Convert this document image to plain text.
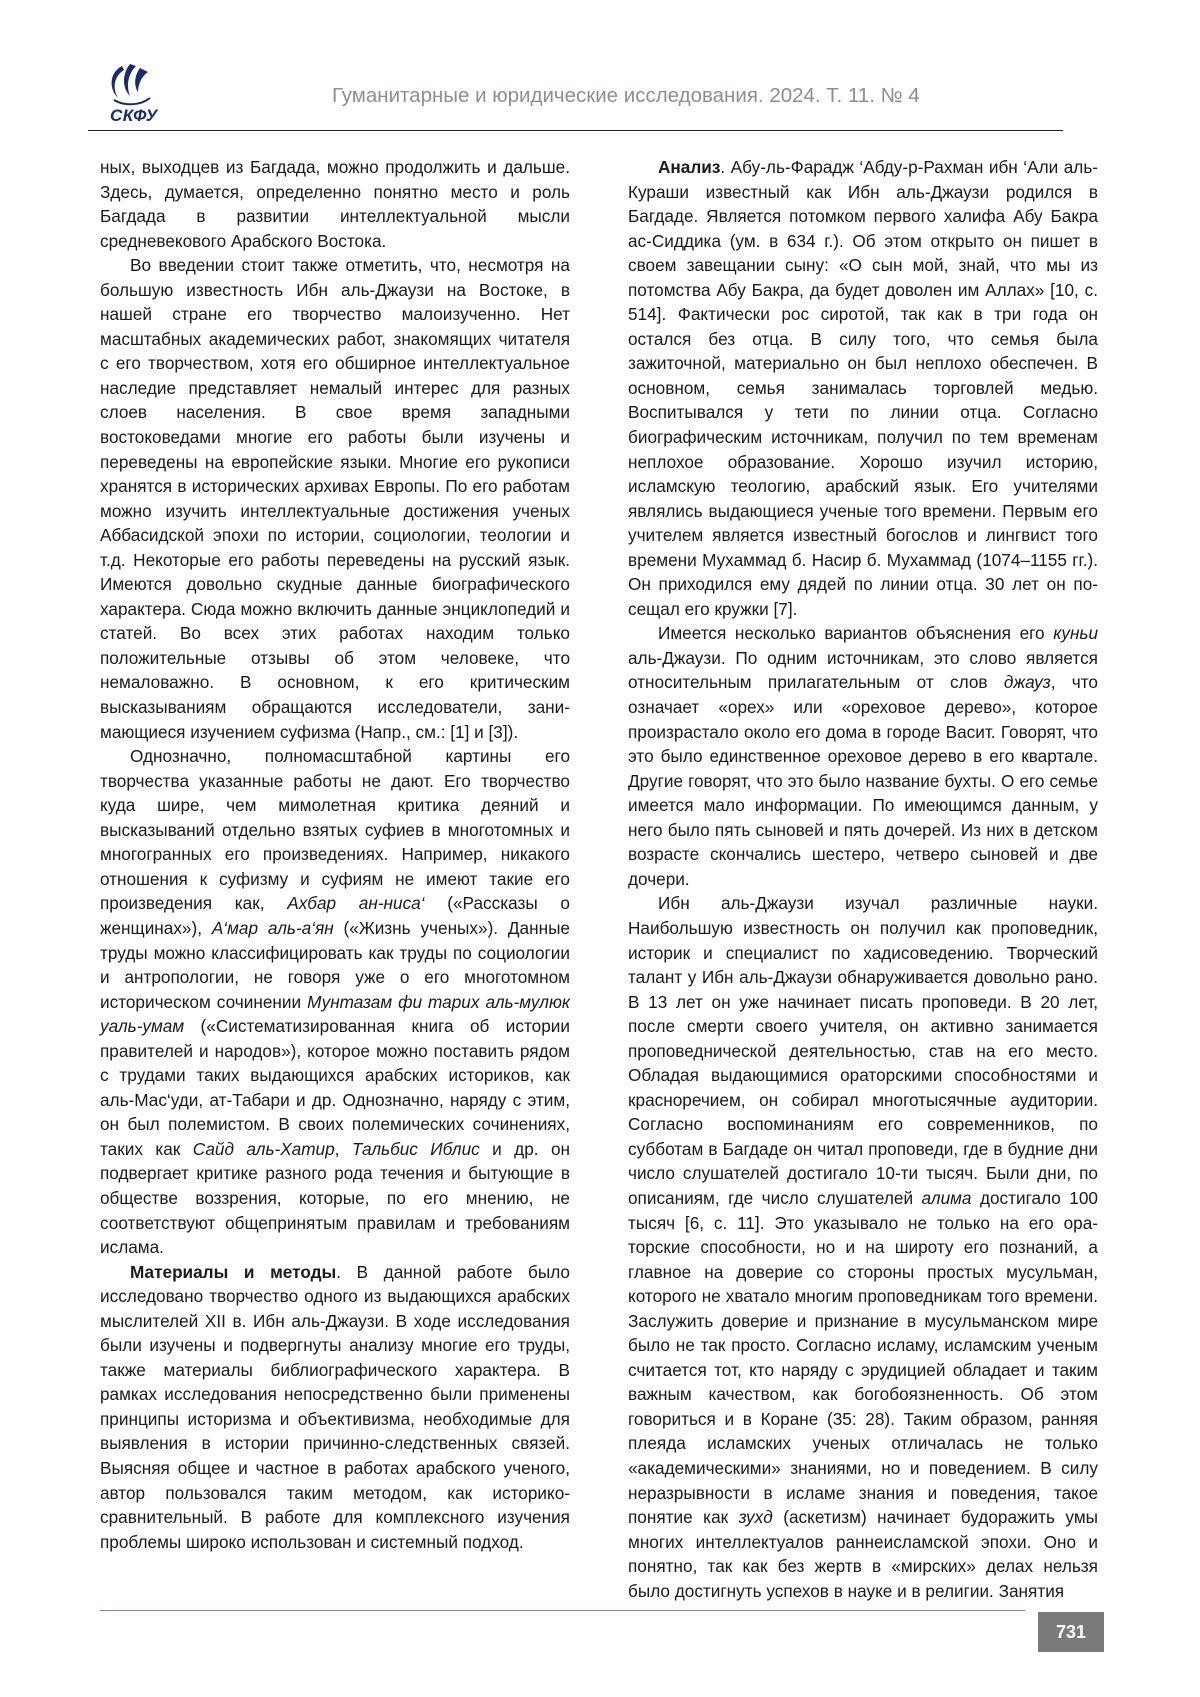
СКФУ
Гуманитарные и юридические исследования. 2024. Т. 11. № 4

ных, выходцев из Багдада, можно продолжить и дальше. Здесь, думается, определенно понятно ме­сто и роль Багдада в развитии интеллектуальной мысли средневекового Арабского Востока.

Во введении стоит также отметить, что, не­смотря на большую известность Ибн аль-Джаузи на Востоке, в нашей стране его творчество малоизу­ченно. Нет масштабных академических работ, зна­комящих читателя с его творчеством, хотя его об­ширное интеллектуальное наследие представляет немалый интерес для разных слоев населения. В свое время западными востоковедами многие его работы были изучены и переведены на европейские языки. Многие его рукописи хранятся в исторических архивах Европы. По его работам можно изучить ин­теллектуальные достижения ученых Аббасидской эпохи по истории, социологии, теологии и т.д. Неко­торые его работы переведены на русский язык. Имеются довольно скудные данные биографическо­го характера. Сюда можно включить данные энцик­лопедий и статей. Во всех этих работах находим только положительные отзывы об этом человеке, что немаловажно. В основном, к его критическим высказываниям обращаются исследователи, зани­мающиеся изучением суфизма (Напр., см.: [1] и [3]).

Однозначно, полномасштабной картины его творчества указанные работы не дают. Его творче­ство куда шире, чем мимолетная критика деяний и высказываний отдельно взятых суфиев в многотом­ных и многогранных его произведениях. Например, никакого отношения к суфизму и суфиям не имеют такие его произведения как, Ахбар ан-ниса‘ («Рас­сказы о женщинах»), А‘мар аль-а‘ян («Жизнь уче­ных»). Данные труды можно классифицировать как труды по социологии и антропологии, не говоря уже о его многотомном историческом сочинении Мунта­зам фи тарих аль-мулюк уаль-умам («Системати­зированная книга об истории правителей и наро­дов»), которое можно поставить рядом с трудами таких выдающихся арабских историков, как аль-Мас‘уди, ат-Табари и др. Однозначно, наряду с этим, он был полемистом. В своих полемических сочине­ниях, таких как Сайд аль-Хатир, Тальбис Иблис и др. он подвергает критике разного рода течения и бытующие в обществе воззрения, которые, по его мнению, не соответствуют общепринятым правилам и требованиям ислама.

Материалы и методы. В данной работе было исследовано творчество одного из выдающихся арабских мыслителей XII в. Ибн аль-Джаузи. В ходе исследования были изучены и подвергнуты анализу многие его труды, также материалы библиографи­ческого характера. В рамках исследования непо­средственно были применены принципы историзма и объективизма, необходимые для выявления в ис­тории причинно-следственных связей. Выясняя об­щее и частное в работах арабского ученого, автор пользовался таким методом, как историко-сравнительный. В работе для комплексного изуче­ния проблемы широко использован и системный подход.

Анализ. Абу-ль-Фарадж ‘Абду-р-Рахман ибн ‘Али аль-Кураши известный как Ибн аль-Джаузи ро­дился в Багдаде. Является потомком первого хали­фа Абу Бакра ас-Сиддика (ум. в 634 г.). Об этом от­крыто он пишет в своем завещании сыну: «О сын мой, знай, что мы из потомства Абу Бакра, да будет доволен им Аллах» [10, с. 514]. Фактически рос си­ротой, так как в три года он остался без отца. В силу того, что семья была зажиточной, материально он был неплохо обеспечен. В основном, семья занима­лась торговлей медью. Воспитывался у тети по ли­нии отца. Согласно биографическим источникам, получил по тем временам неплохое образование. Хорошо изучил историю, исламскую теологию, арабский язык. Его учителями являлись выдающие­ся ученые того времени. Первым его учителем яв­ляется известный богослов и лингвист того времени Мухаммад б. Насир б. Мухаммад (1074–1155 гг.). Он приходился ему дядей по линии отца. 30 лет он по­сещал его кружки [7].

Имеется несколько вариантов объяснения его куньи аль-Джаузи. По одним источникам, это слово является относительным прилагательным от слов джауз, что означает «орех» или «ореховое дерево», которое произрастало около его дома в городе Ва­сит. Говорят, что это было единственное ореховое дерево в его квартале. Другие говорят, что это было название бухты. О его семье имеется мало инфор­мации. По имеющимся данным, у него было пять сыновей и пять дочерей. Из них в детском возрасте скончались шестеро, четверо сыновей и две дочери.

Ибн аль-Джаузи изучал различные науки. Наибольшую известность он получил как проповед­ник, историк и специалист по хадисоведению. Твор­ческий талант у Ибн аль-Джаузи обнаруживается довольно рано. В 13 лет он уже начинает писать проповеди. В 20 лет, после смерти своего учителя, он активно занимается проповеднической деятель­ностью, став на его место. Обладая выдающимися ораторскими способностями и красноречием, он со­бирал многотысячные аудитории. Согласно воспо­минаниям его современников, по субботам в Багда­де он читал проповеди, где в будние дни число слу­шателей достигало 10-ти тысяч. Были дни, по опи­саниям, где число слушателей алима достигало 100 тысяч [6, с. 11]. Это указывало не только на его ора­торские способности, но и на широту его познаний, а главное на доверие со стороны простых мусульман, которого не хватало многим проповедникам того времени. Заслужить доверие и признание в мусуль­манском мире было не так просто. Согласно исламу, исламским ученым считается тот, кто наряду с эру­дицией обладает и таким важным качеством, как богобоязненность. Об этом говориться и в Коране (35: 28). Таким образом, ранняя плеяда исламских ученых отличалась не только «академическими» знаниями, но и поведением. В силу неразрывности в исламе знания и поведения, такое понятие как зухд (аскетизм) начинает будоражить умы многих интел­лектуалов раннеисламской эпохи. Оно и понятно, так как без жертв в «мирских» делах нельзя было достигнуть успехов в науке и в религии. Занятия

731
